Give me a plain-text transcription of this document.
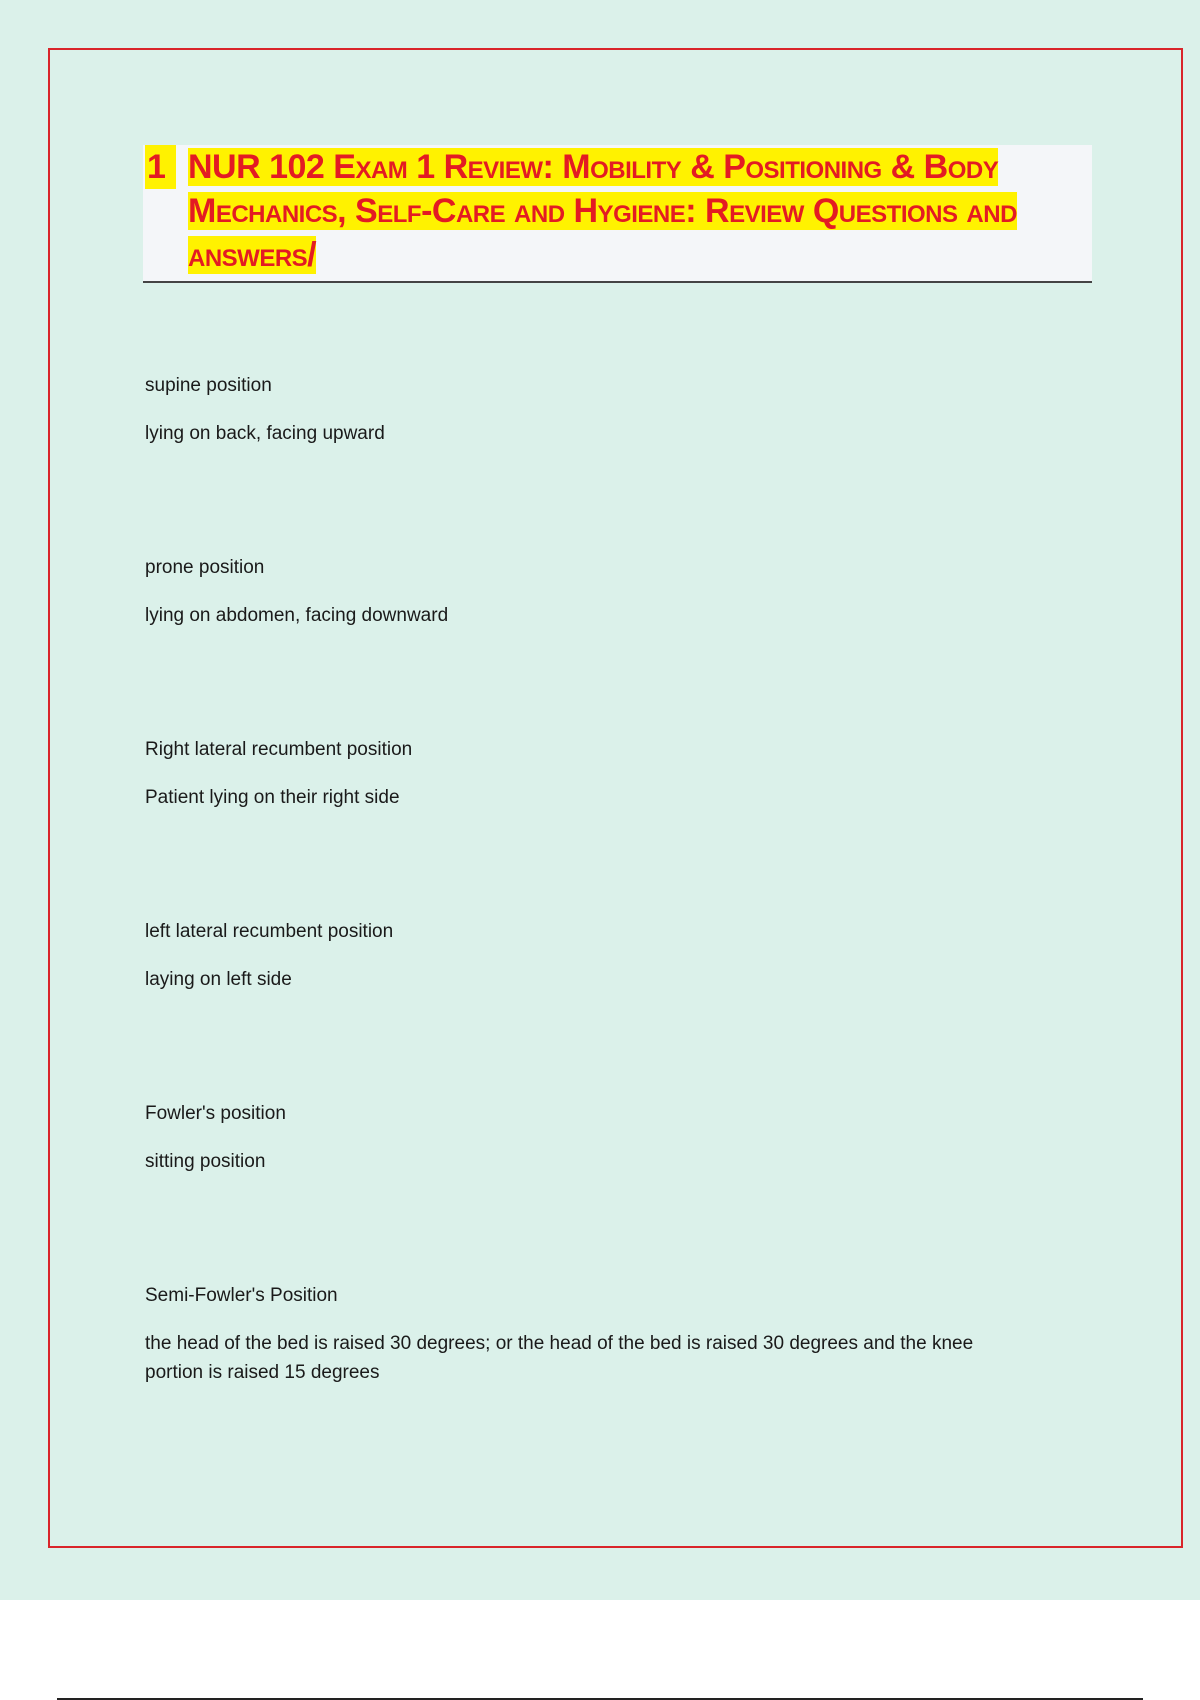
1 NUR 102 Exam 1 Review: Mobility & Positioning & Body Mechanics, Self-Care and Hygiene: Review Questions and answers/

supine position

lying on back, facing upward

prone position

lying on abdomen, facing downward

Right lateral recumbent position

Patient lying on their right side

left lateral recumbent position

laying on left side

Fowler's position

sitting position

Semi-Fowler's Position

the head of the bed is raised 30 degrees; or the head of the bed is raised 30 degrees and the knee portion is raised 15 degrees
